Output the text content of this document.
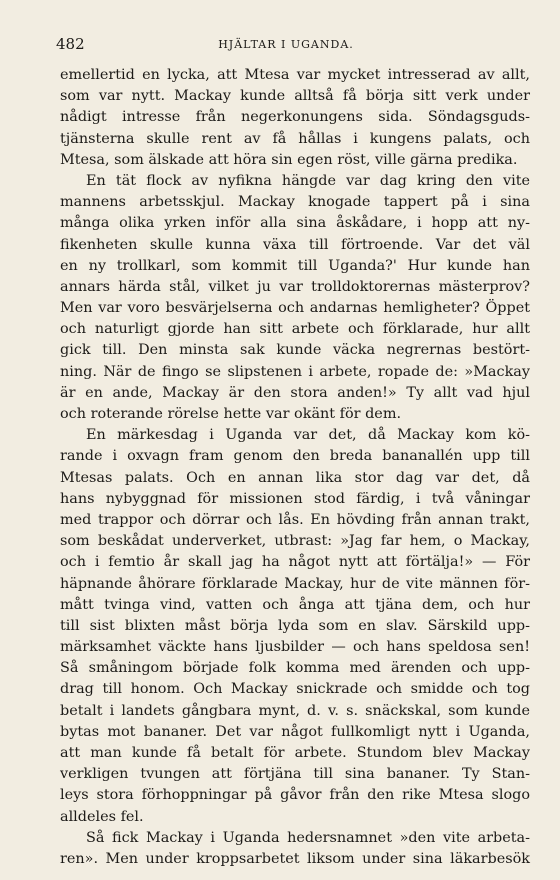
482	HJÄLTAR I UGANDA.
emellertid en lycka, att Mtesa var mycket intresserad av allt,
som var nytt. Mackay kunde alltså få börja sitt verk under
nådigt intresse från negerkonungens sida. Söndagsguds-
tjänsterna skulle rent av få hållas i kungens palats, och
Mtesa, som älskade att höra sin egen röst, ville gärna predika.
En tät flock av nyfikna hängde var dag kring den vite
mannens arbetsskjul. Mackay knogade tappert på i sina
många olika yrken inför alla sina åskådare, i hopp att ny-
fikenheten skulle kunna växa till förtroende. Var det väl
en ny trollkarl, som kommit till Uganda?' Hur kunde han
annars härda stål, vilket ju var trolldoktorernas mästerprov?
Men var voro besvärjelserna och andarnas hemligheter? Öppet
och naturligt gjorde han sitt arbete och förklarade, hur allt
gick till. Den minsta sak kunde väcka negrernas bestört-
ning. När de fingo se slipstenen i arbete, ropade de: »Mackay
är en ande, Mackay är den stora anden!» Ty allt vad hjul
och roterande rörelse hette var okänt för dem.
En märkesdag i Uganda var det, då Mackay kom kö-
rande i oxvagn fram genom den breda bananallén upp till
Mtesas palats. Och en annan lika stor dag var det, då
hans nybyggnad för missionen stod färdig, i två våningar
med trappor och dörrar och lås. En hövding från annan trakt,
som beskådat underverket, utbrast: »Jag far hem, o Mackay,
och i femtio år skall jag ha något nytt att förtälja!» — För
häpnande åhörare förklarade Mackay, hur de vite männen för-
mått tvinga vind, vatten och ånga att tjäna dem, och hur
till sist blixten måst börja lyda som en slav. Särskild upp-
märksamhet väckte hans ljusbilder — och hans speldosa sen!
Så småningom började folk komma med ärenden och upp-
drag till honom. Och Mackay snickrade och smidde och tog
betalt i landets gångbara mynt, d. v. s. snäckskal, som kunde
bytas mot bananer. Det var något fullkomligt nytt i Uganda,
att man kunde få betalt för arbete. Stundom blev Mackay
verkligen tvungen att förtjäna till sina bananer. Ty Stan-
leys stora förhoppningar på gåvor från den rike Mtesa slogo
alldeles fel.
Så fick Mackay i Uganda hedersnamnet »den vite arbeta-
ren». Men under kroppsarbetet liksom under sina läkarbesök
